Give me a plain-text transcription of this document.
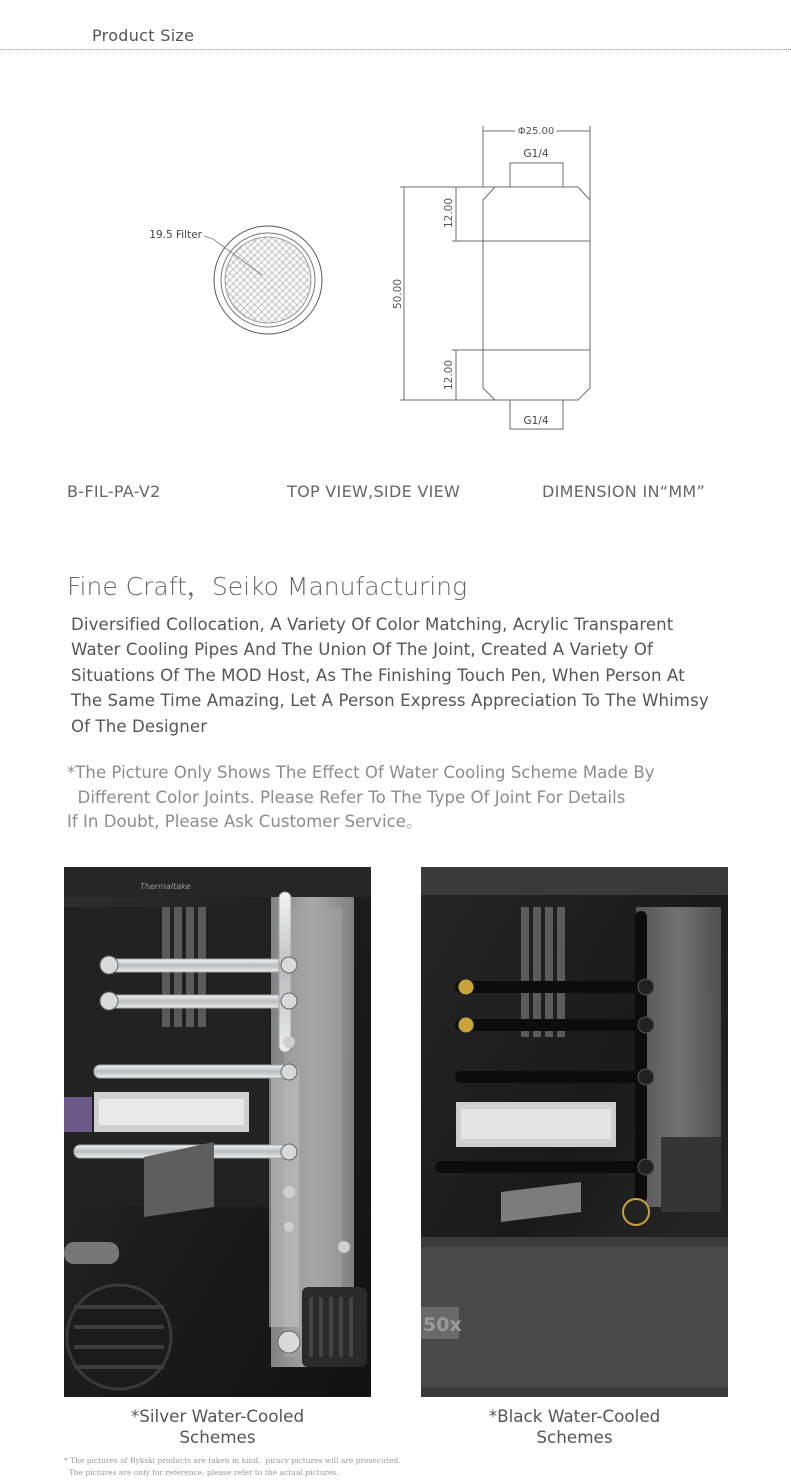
Product Size
19.5 Filter
Φ25.00
G1/4
G1/4
50.00
12.00
12.00
B-FIL-PA-V2	TOP VIEW,SIDE VIEW	DIMENSION IN“MM”
Fine Craft，Seiko Manufacturing
Diversified Collocation, A Variety Of Color Matching, Acrylic Transparent
Water Cooling Pipes And The Union Of The Joint, Created A Variety Of
Situations Of The MOD Host, As The Finishing Touch Pen, When Person At
The Same Time Amazing, Let A Person Express Appreciation To The Whimsy
Of The Designer
*The Picture Only Shows The Effect Of Water Cooling Scheme Made By
Different Color Joints. Please Refer To The Type Of Joint For Details
If In Doubt, Please Ask Customer Service。
Thermaltake
50x
*Silver Water-Cooled
Schemes
*Black Water-Cooled
Schemes
* The pictures of Bykski products are taken in kind,  piracy pictures will are prosecuted.
The pictures are only for reference, please refer to the actual pictures.
